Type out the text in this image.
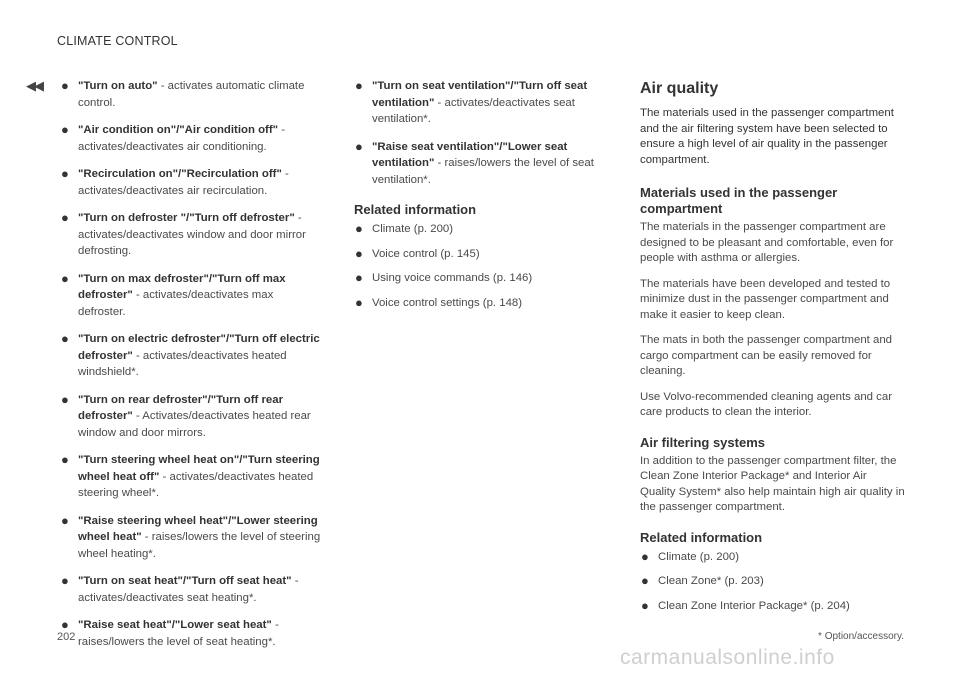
CLIMATE CONTROL
◀◀ ● "Turn on auto" - activates automatic climate control.
● "Air condition on"/"Air condition off" - activates/deactivates air conditioning.
● "Recirculation on"/"Recirculation off" - activates/deactivates air recirculation.
● "Turn on defroster "/"Turn off defroster" - activates/deactivates window and door mirror defrosting.
● "Turn on max defroster"/"Turn off max defroster" - activates/deactivates max defroster.
● "Turn on electric defroster"/"Turn off electric defroster" - activates/deactivates heated windshield*.
● "Turn on rear defroster"/"Turn off rear defroster" - Activates/deactivates heated rear window and door mirrors.
● "Turn steering wheel heat on"/"Turn steering wheel heat off" - activates/deactivates heated steering wheel*.
● "Raise steering wheel heat"/"Lower steering wheel heat" - raises/lowers the level of steering wheel heating*.
● "Turn on seat heat"/"Turn off seat heat" - activates/deactivates seat heating*.
● "Raise seat heat"/"Lower seat heat" - raises/lowers the level of seat heating*.
● "Turn on seat ventilation"/"Turn off seat ventilation" - activates/deactivates seat ventilation*.
● "Raise seat ventilation"/"Lower seat ventilation" - raises/lowers the level of seat ventilation*.
Related information
● Climate (p. 200)
● Voice control (p. 145)
● Using voice commands (p. 146)
● Voice control settings (p. 148)
Air quality

The materials used in the passenger compartment and the air filtering system have been selected to ensure a high level of air quality in the passenger compartment.

Materials used in the passenger compartment

The materials in the passenger compartment are designed to be pleasant and comfortable, even for people with asthma or allergies.

The materials have been developed and tested to minimize dust in the passenger compartment and make it easier to keep clean.

The mats in both the passenger compartment and cargo compartment can be easily removed for cleaning.

Use Volvo-recommended cleaning agents and car care products to clean the interior.

Air filtering systems

In addition to the passenger compartment filter, the Clean Zone Interior Package* and Interior Air Quality System* also help maintain high air quality in the passenger compartment.

Related information
● Climate (p. 200)
● Clean Zone* (p. 203)
● Clean Zone Interior Package* (p. 204)
202	* Option/accessory.
carmanualsonline.info
